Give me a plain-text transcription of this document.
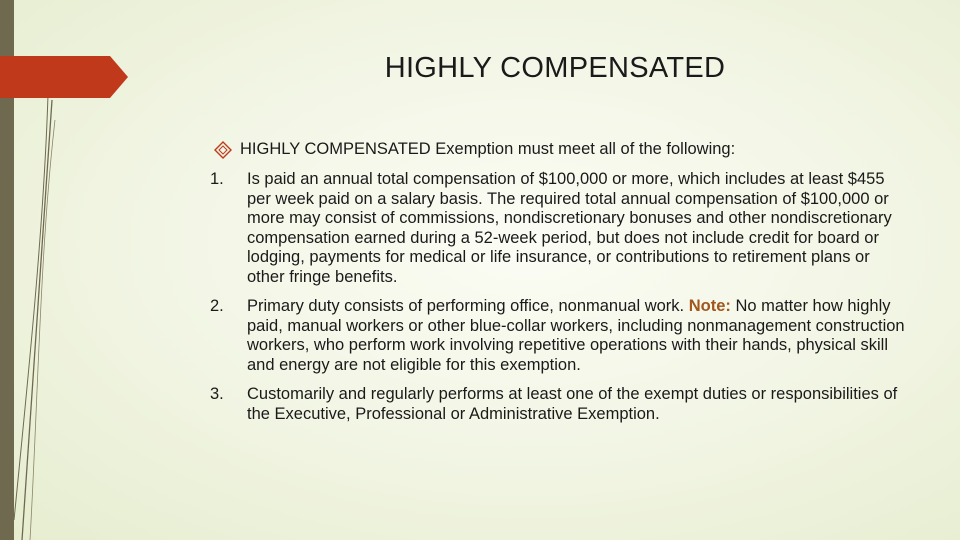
HIGHLY COMPENSATED
HIGHLY COMPENSATED Exemption must meet all of the following:
1.	Is paid an annual total compensation of $100,000 or more, which includes at least $455 per week paid on a salary basis. The required total annual compensation of $100,000 or more may consist of commissions, nondiscretionary bonuses and other nondiscretionary compensation earned during a 52-week period, but does not include credit for board or lodging, payments for medical or life insurance, or contributions to retirement plans or other fringe benefits.
2.	Primary duty consists of performing office, nonmanual work. Note: No matter how highly paid, manual workers or other blue-collar workers, including nonmanagement construction workers, who perform work involving repetitive operations with their hands, physical skill and energy are not eligible for this exemption.
3.	Customarily and regularly performs at least one of the exempt duties or responsibilities of the Executive, Professional or Administrative Exemption.
